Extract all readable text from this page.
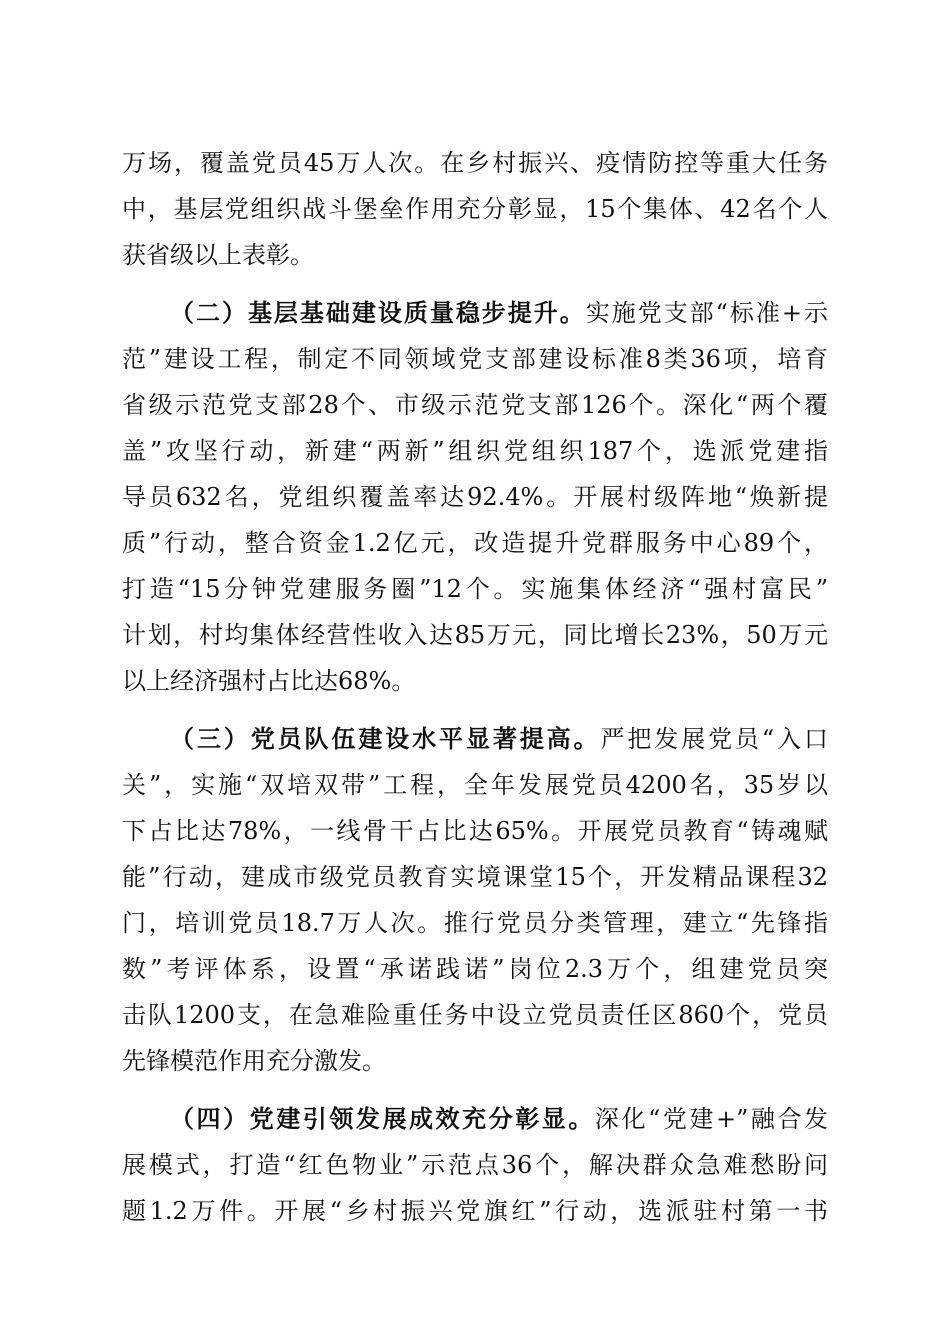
万场，覆盖党员45万人次。在乡村振兴、疫情防控等重大任务
中，基层党组织战斗堡垒作用充分彰显，15个集体、42名个人
获省级以上表彰。
（二）基层基础建设质量稳步提升。实施党支部“标准+示
范”建设工程，制定不同领域党支部建设标准8类36项，培育
省级示范党支部28个、市级示范党支部126个。深化“两个覆
盖”攻坚行动，新建“两新”组织党组织187个，选派党建指
导员632名，党组织覆盖率达92.4%。开展村级阵地“焕新提
质”行动，整合资金1.2亿元，改造提升党群服务中心89个，
打造“15分钟党建服务圈”12个。实施集体经济“强村富民”
计划，村均集体经营性收入达85万元，同比增长23%，50万元
以上经济强村占比达68%。
（三）党员队伍建设水平显著提高。严把发展党员“入口
关”，实施“双培双带”工程，全年发展党员4200名，35岁以
下占比达78%，一线骨干占比达65%。开展党员教育“铸魂赋
能”行动，建成市级党员教育实境课堂15个，开发精品课程32
门，培训党员18.7万人次。推行党员分类管理，建立“先锋指
数”考评体系，设置“承诺践诺”岗位2.3万个，组建党员突
击队1200支，在急难险重任务中设立党员责任区860个，党员
先锋模范作用充分激发。
（四）党建引领发展成效充分彰显。深化“党建+”融合发
展模式，打造“红色物业”示范点36个，解决群众急难愁盼问
题1.2万件。开展“乡村振兴党旗红”行动，选派驻村第一书
